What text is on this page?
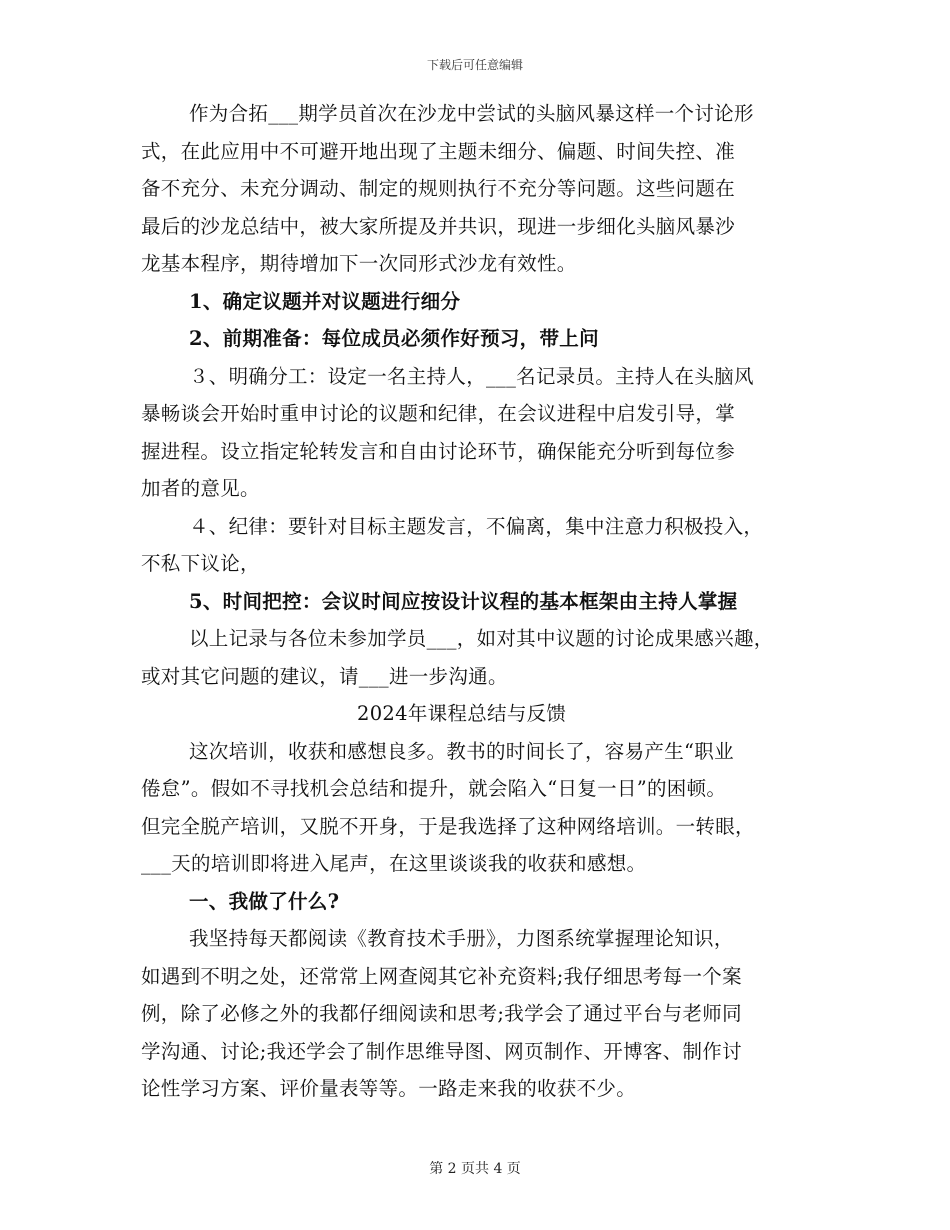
下载后可任意编辑
作为合拓___期学员首次在沙龙中尝试的头脑风暴这样一个讨论形
式，在此应用中不可避开地出现了主题未细分、偏题、时间失控、准
备不充分、未充分调动、制定的规则执行不充分等问题。这些问题在
最后的沙龙总结中，被大家所提及并共识，现进一步细化头脑风暴沙
龙基本程序，期待增加下一次同形式沙龙有效性。
1、确定议题并对议题进行细分
2、前期准备：每位成员必须作好预习，带上问
３、明确分工：设定一名主持人，___名记录员。主持人在头脑风
暴畅谈会开始时重申讨论的议题和纪律，在会议进程中启发引导，掌
握进程。设立指定轮转发言和自由讨论环节，确保能充分听到每位参
加者的意见。
４、纪律：要针对目标主题发言，不偏离，集中注意力积极投入，
不私下议论，
5、时间把控：会议时间应按设计议程的基本框架由主持人掌握
以上记录与各位未参加学员___，如对其中议题的讨论成果感兴趣，
或对其它问题的建议，请___进一步沟通。
2024年课程总结与反馈
这次培训，收获和感想良多。教书的时间长了，容易产生“职业
倦怠”。假如不寻找机会总结和提升，就会陷入“日复一日”的困顿。
但完全脱产培训，又脱不开身，于是我选择了这种网络培训。一转眼，
___天的培训即将进入尾声，在这里谈谈我的收获和感想。
一、我做了什么?
我坚持每天都阅读《教育技术手册》，力图系统掌握理论知识，
如遇到不明之处，还常常上网查阅其它补充资料;我仔细思考每一个案
例，除了必修之外的我都仔细阅读和思考;我学会了通过平台与老师同
学沟通、讨论;我还学会了制作思维导图、网页制作、开博客、制作讨
论性学习方案、评价量表等等。一路走来我的收获不少。
第 2 页共 4 页
